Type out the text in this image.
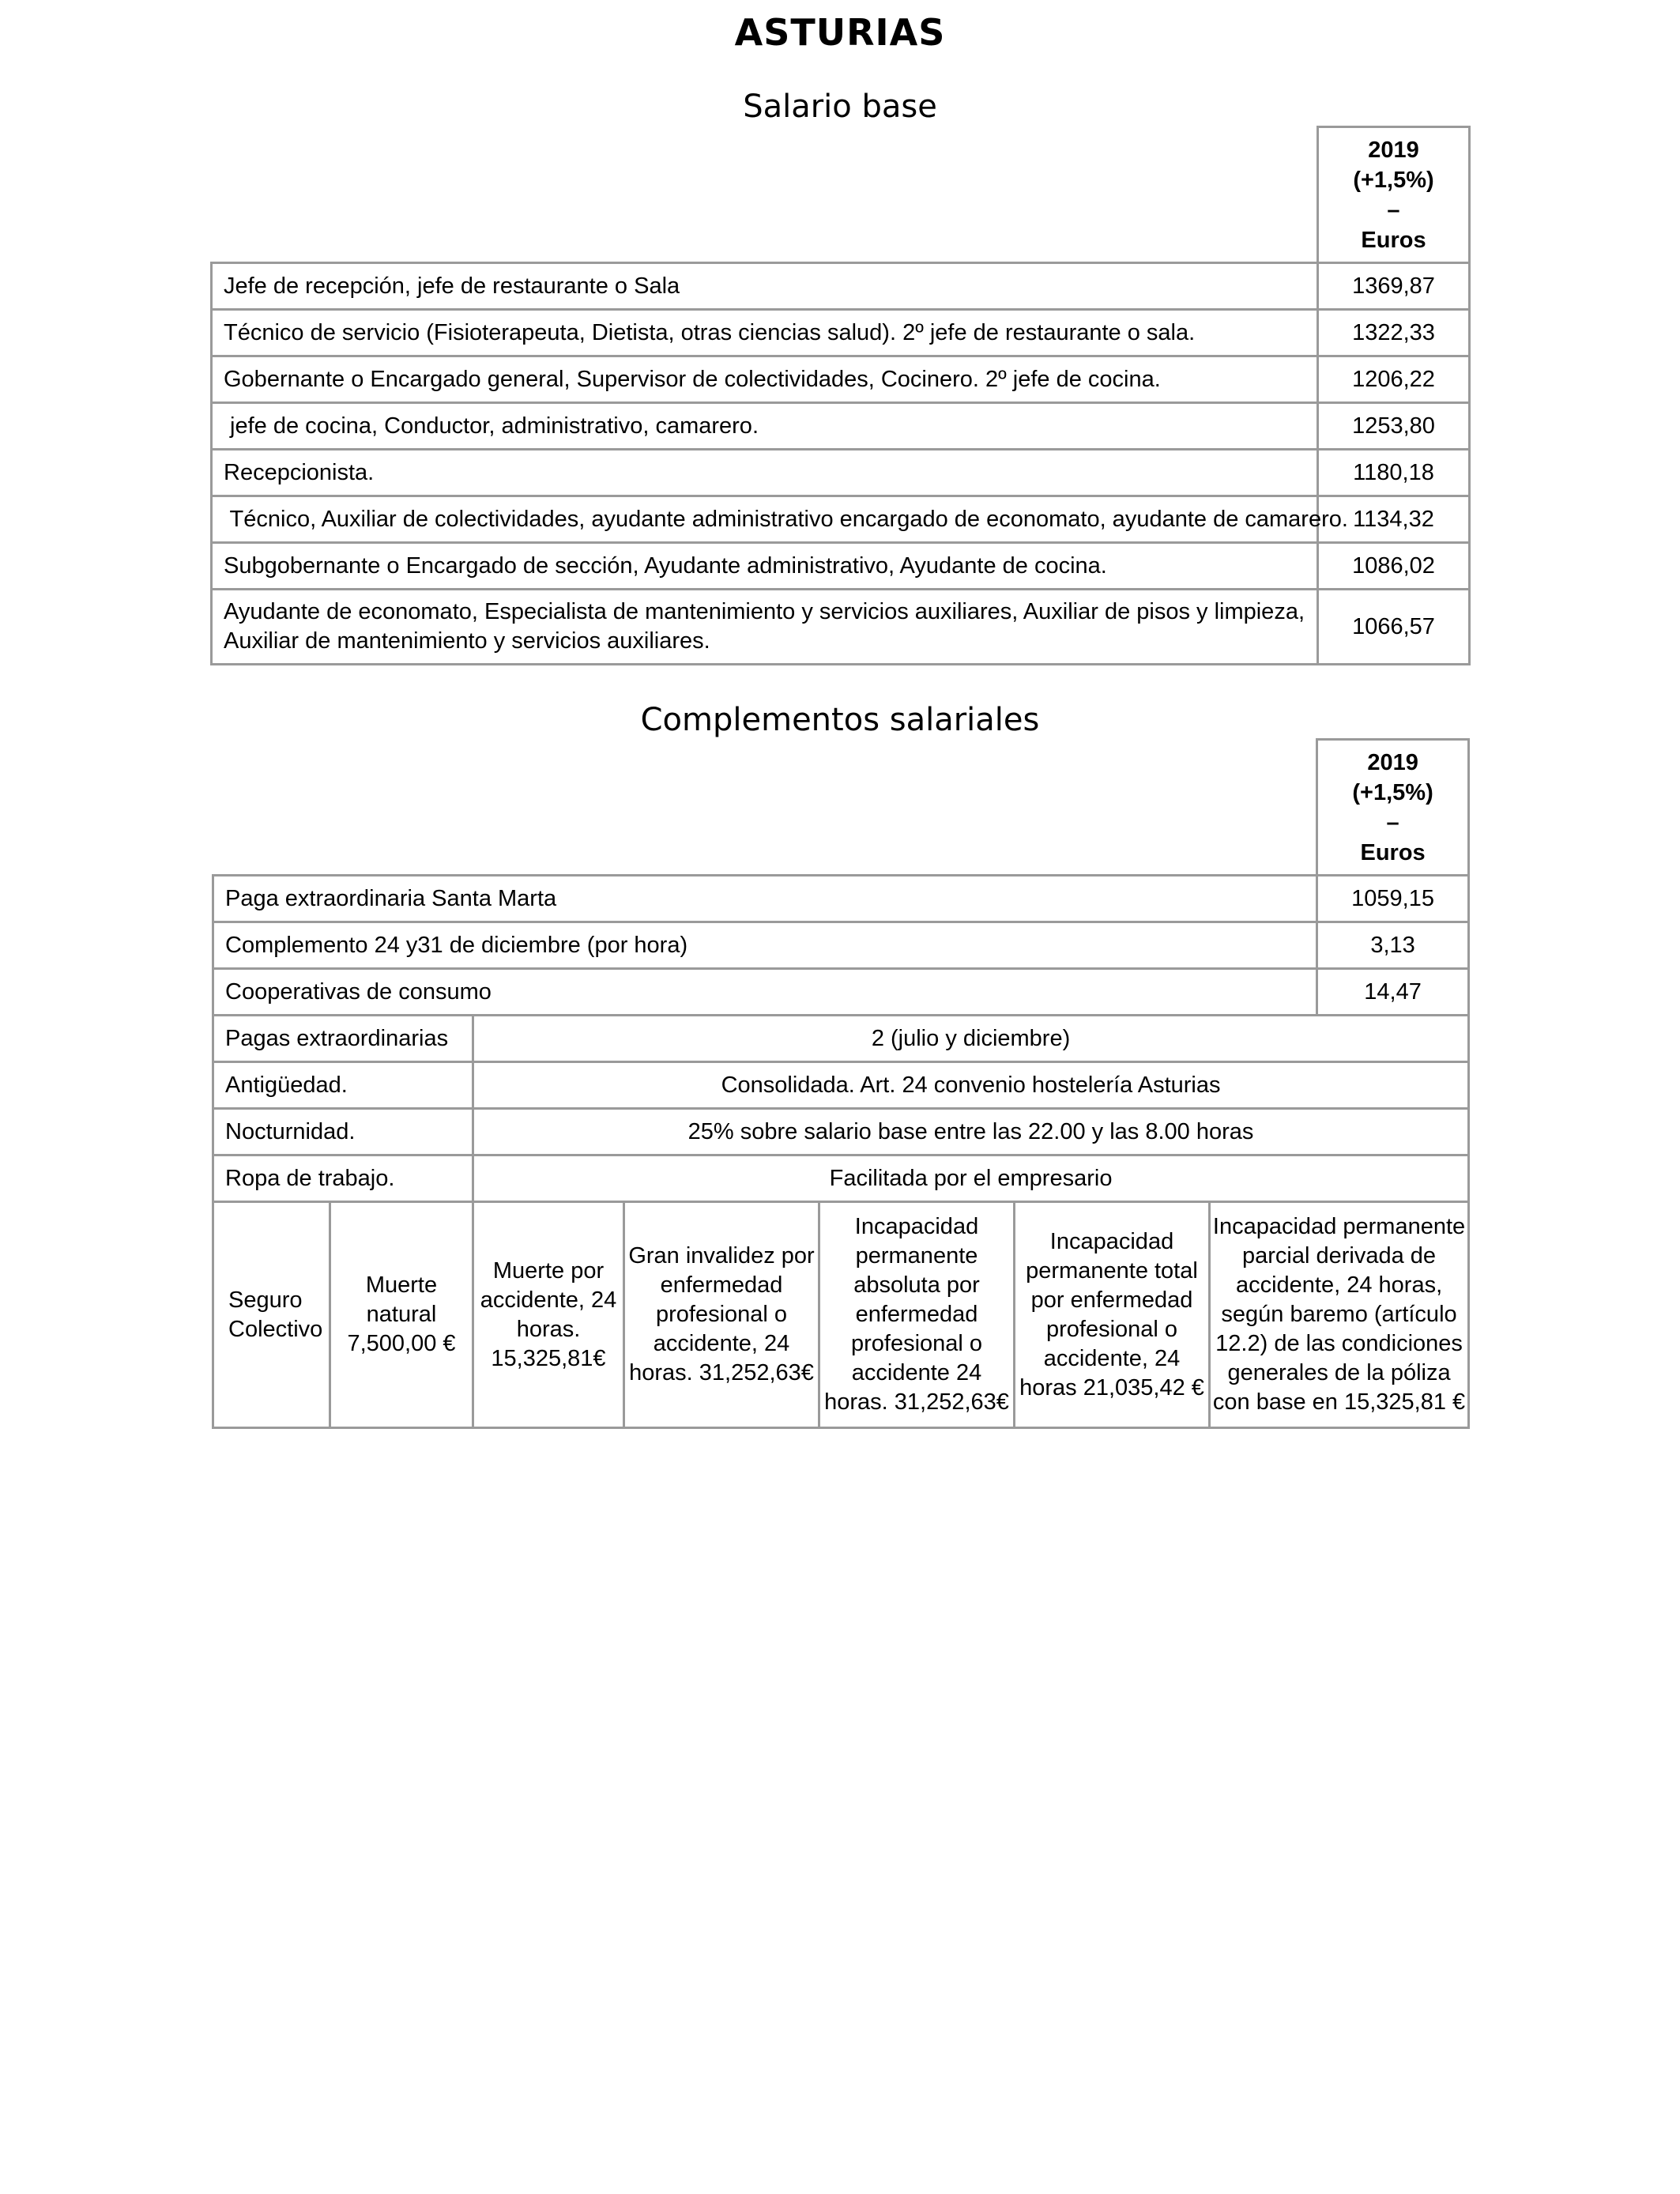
ASTURIAS
Salario base

	2019
(+1,5%)
–
Euros

Jefe de recepción, jefe de restaurante o Sala	1369,87
Técnico de servicio (Fisioterapeuta, Dietista, otras ciencias salud). 2º jefe de restaurante o sala.	1322,33
Gobernante o Encargado general, Supervisor de colectividades, Cocinero. 2º jefe de cocina.	1206,22
jefe de cocina, Conductor, administrativo, camarero.	1253,80
Recepcionista.	1180,18
Técnico, Auxiliar de colectividades, ayudante administrativo encargado de economato, ayudante de camarero.	1134,32
Subgobernante o Encargado de sección, Ayudante administrativo, Ayudante de cocina.	1086,02
Ayudante de economato, Especialista de mantenimiento y servicios auxiliares, Auxiliar de pisos y limpieza, Auxiliar de mantenimiento y servicios auxiliares.	1066,57
Complementos salariales

							2019
(+1,5%)
–
Euros

Paga extraordinaria Santa Marta							1059,15
Complemento 24 y31 de diciembre (por hora)							3,13
Cooperativas de consumo							14,47
Pagas extraordinarias		2 (julio y diciembre)					
Antigüedad.		Consolidada. Art. 24 convenio hostelería Asturias					
Nocturnidad.		25% sobre salario base entre las 22.00 y las 8.00 horas					
Ropa de trabajo.		Facilitada por el empresario					
Seguro Colectivo	Muerte natural 7,500,00 €	Muerte por accidente, 24 horas. 15,325,81€	Gran invalidez por enfermedad profesional o accidente, 24 horas. 31,252,63€	Incapacidad permanente absoluta por enfermedad profesional o accidente 24 horas. 31,252,63€	Incapacidad permanente total por enfermedad profesional o accidente, 24 horas 21,035,42 €	Incapacidad permanente parcial derivada de accidente, 24 horas, según baremo (artículo 12.2) de las condiciones generales de la póliza con base en 15,325,81 €	
